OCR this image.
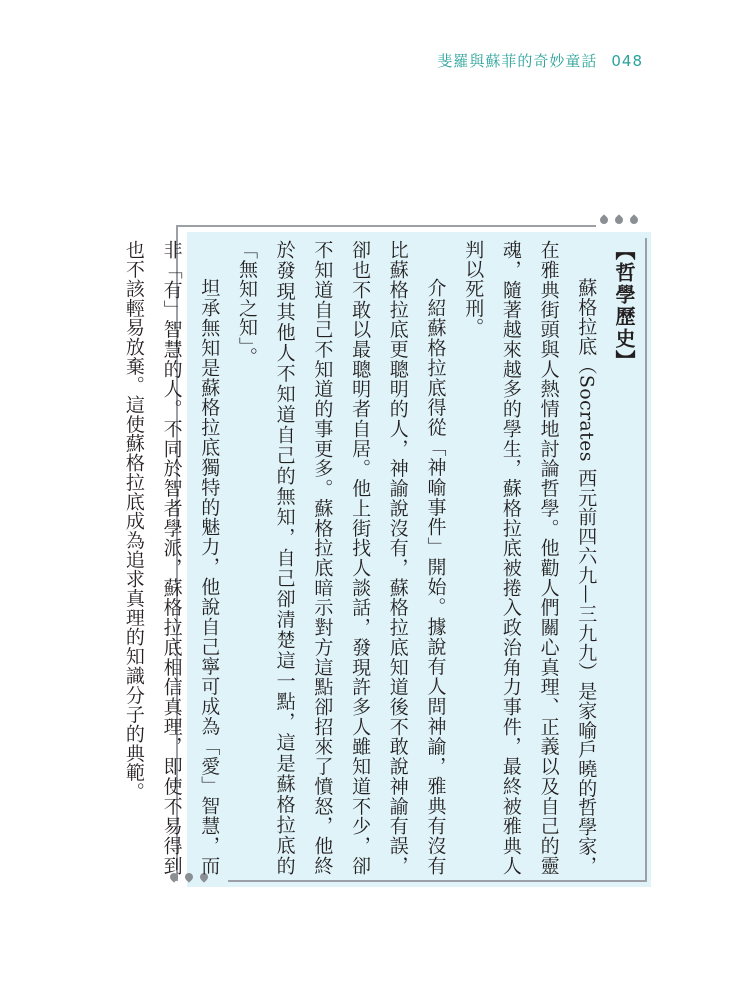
斐羅與蘇菲的奇妙童話 048

【哲學歷史】

蘇格拉底（Socrates 西元前四六九—三九九）是家喻戶曉的哲學家，在雅典街頭與人熱情地討論哲學。他勸人們關心真理、正義以及自己的靈魂，隨著越來越多的學生，蘇格拉底被捲入政治角力事件，最終被雅典人判以死刑。

介紹蘇格拉底得從「神喻事件」開始。據說有人問神諭，雅典有沒有比蘇格拉底更聰明的人，神諭說沒有，蘇格拉底知道後不敢說神諭有誤，卻也不敢以最聰明者自居。他上街找人談話，發現許多人雖知道不少，卻不知道自己不知道的事更多。蘇格拉底暗示對方這點卻招來了憤怒，他終於發現其他人不知道自己的無知，自己卻清楚這一點，這是蘇格拉底的「無知之知」。

坦承無知是蘇格拉底獨特的魅力，他說自己寧可成為「愛」智慧，而非「有」智慧的人。不同於智者學派，蘇格拉底相信真理，即使不易得到也不該輕易放棄。這使蘇格拉底成為追求真理的知識分子的典範。
